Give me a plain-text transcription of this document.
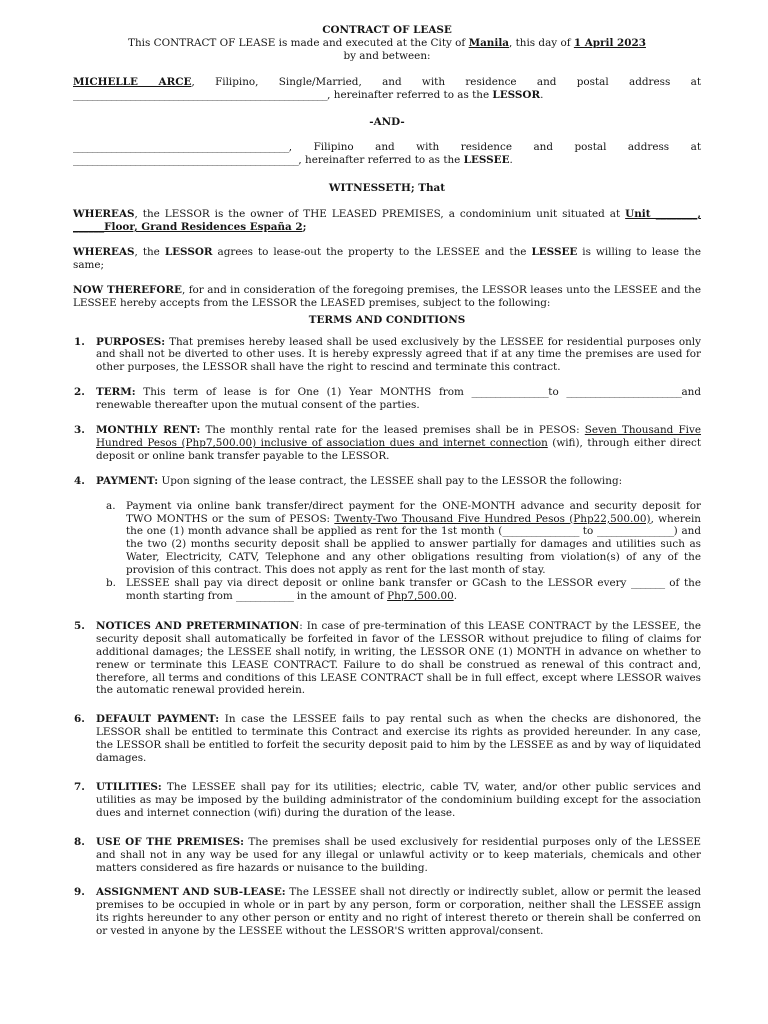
CONTRACT OF LEASE

This CONTRACT OF LEASE is made and executed at the City of Manila, this day of 1 April 2023

by and between:

MICHELLE ARCE, Filipino, Single/Married, and with residence and postal address at _____________________________________________________, hereinafter referred to as the LESSOR.

-AND-

_____________________________________________, Filipino and with residence and postal address at _______________________________________________, hereinafter referred to as the LESSEE.

WITNESSETH; That

WHEREAS, the LESSOR is the owner of THE LEASED PREMISES, a condominium unit situated at Unit ________, ______Floor, Grand Residences España 2;

WHEREAS, the LESSOR agrees to lease-out the property to the LESSEE and the LESSEE is willing to lease the same;

NOW THEREFORE, for and in consideration of the foregoing premises, the LESSOR leases unto the LESSEE and the LESSEE hereby accepts from the LESSOR the LEASED premises, subject to the following:

TERMS AND CONDITIONS

1. PURPOSES: That premises hereby leased shall be used exclusively by the LESSEE for residential purposes only and shall not be diverted to other uses. It is hereby expressly agreed that if at any time the premises are used for other purposes, the LESSOR shall have the right to rescind and terminate this contract.
2. TERM: This term of lease is for One (1) Year MONTHS from ________________to ________________________and renewable thereafter upon the mutual consent of the parties.
3. MONTHLY RENT: The monthly rental rate for the leased premises shall be in PESOS: Seven Thousand Five Hundred Pesos (Php7,500.00) inclusive of association dues and internet connection (wifi), through either direct deposit or online bank transfer payable to the LESSOR.
4. PAYMENT: Upon signing of the lease contract, the LESSEE shall pay to the LESSOR the following:
a. Payment via online bank transfer/direct payment for the ONE-MONTH advance and security deposit for TWO MONTHS or the sum of PESOS: Twenty-Two Thousand Five Hundred Pesos (Php22,500.00), wherein the one (1) month advance shall be applied as rent for the 1st month (________________ to ________________) and the two (2) months security deposit shall be applied to answer partially for damages and utilities such as Water, Electricity, CATV, Telephone and any other obligations resulting from violation(s) of any of the provision of this contract. This does not apply as rent for the last month of stay.
b. LESSEE shall pay via direct deposit or online bank transfer or GCash to the LESSOR every _______ of the month starting from ____________ in the amount of Php7,500.00.
5. NOTICES AND PRETERMINATION: In case of pre-termination of this LEASE CONTRACT by the LESSEE, the security deposit shall automatically be forfeited in favor of the LESSOR without prejudice to filing of claims for additional damages; the LESSEE shall notify, in writing, the LESSOR ONE (1) MONTH in advance on whether to renew or terminate this LEASE CONTRACT. Failure to do shall be construed as renewal of this contract and, therefore, all terms and conditions of this LEASE CONTRACT shall be in full effect, except where LESSOR waives the automatic renewal provided herein.
6. DEFAULT PAYMENT: In case the LESSEE fails to pay rental such as when the checks are dishonored, the LESSOR shall be entitled to terminate this Contract and exercise its rights as provided hereunder. In any case, the LESSOR shall be entitled to forfeit the security deposit paid to him by the LESSEE as and by way of liquidated damages.
7. UTILITIES: The LESSEE shall pay for its utilities; electric, cable TV, water, and/or other public services and utilities as may be imposed by the building administrator of the condominium building except for the association dues and internet connection (wifi) during the duration of the lease.
8. USE OF THE PREMISES: The premises shall be used exclusively for residential purposes only of the LESSEE and shall not in any way be used for any illegal or unlawful activity or to keep materials, chemicals and other matters considered as fire hazards or nuisance to the building.
9. ASSIGNMENT AND SUB-LEASE: The LESSEE shall not directly or indirectly sublet, allow or permit the leased premises to be occupied in whole or in part by any person, form or corporation, neither shall the LESSEE assign its rights hereunder to any other person or entity and no right of interest thereto or therein shall be conferred on or vested in anyone by the LESSEE without the LESSOR'S written approval/consent.
